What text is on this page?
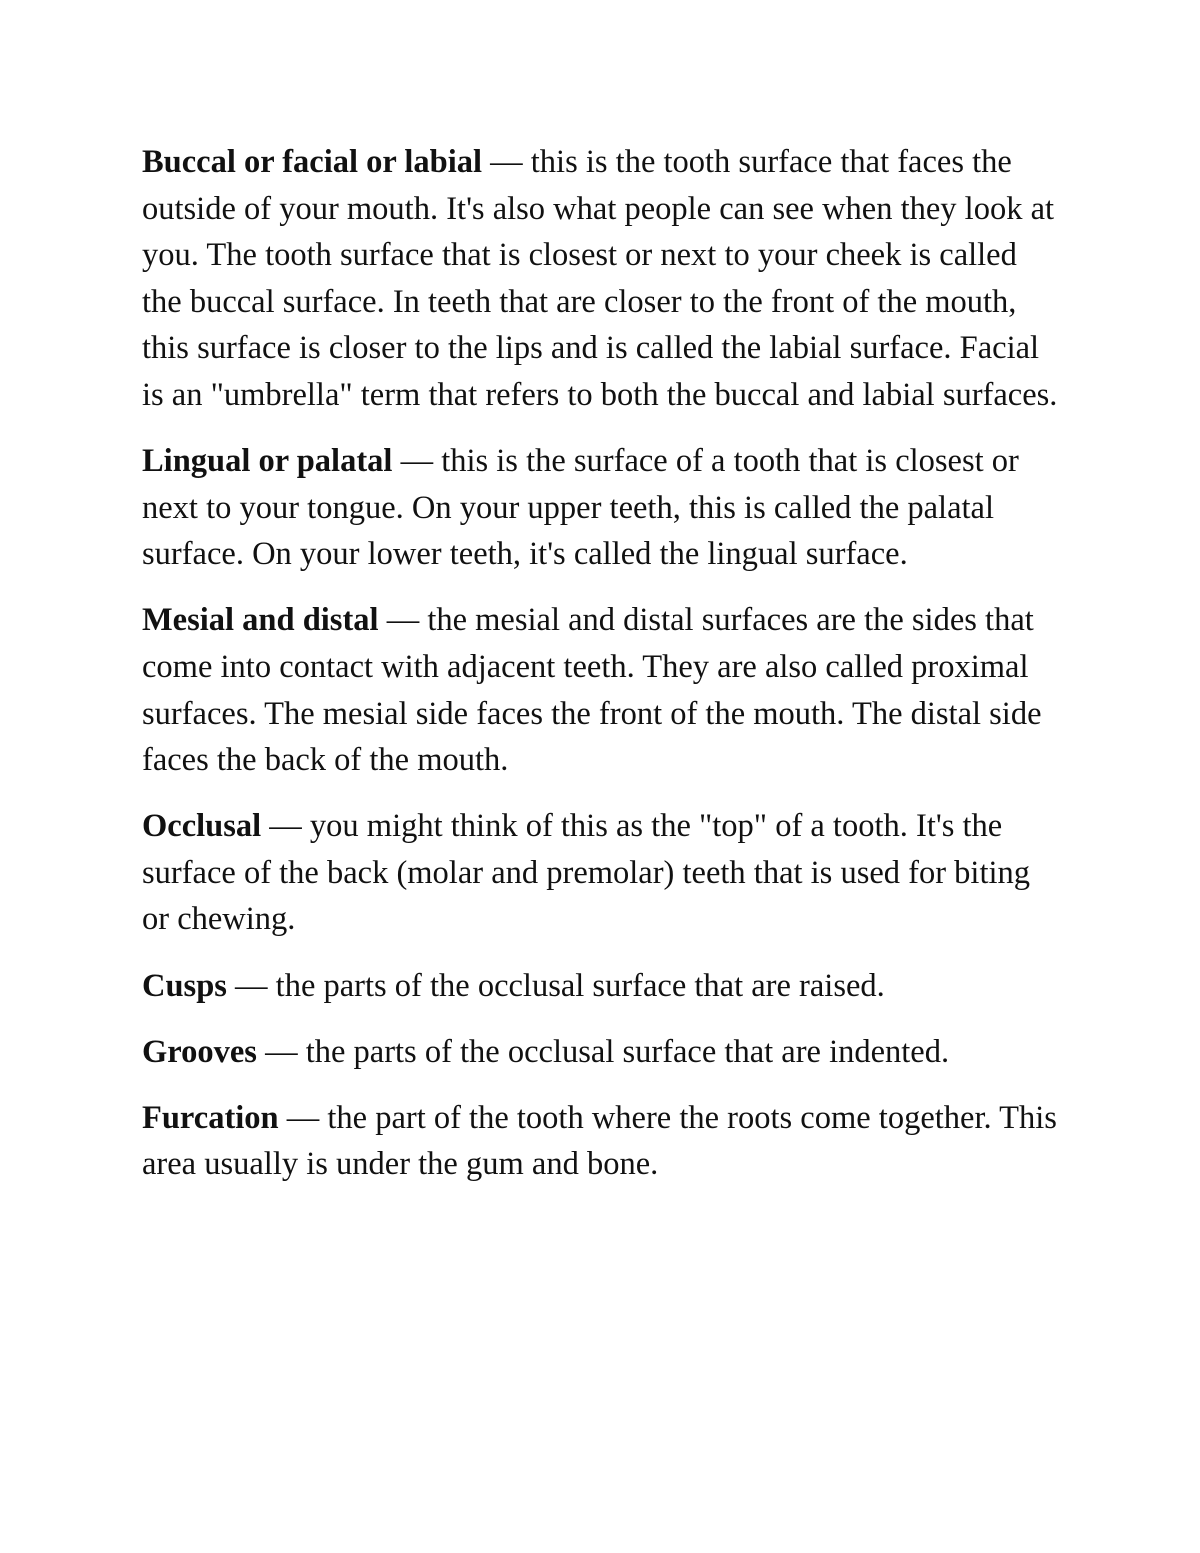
Buccal or facial or labial — this is the tooth surface that faces the outside of your mouth. It's also what people can see when they look at you. The tooth surface that is closest or next to your cheek is called the buccal surface. In teeth that are closer to the front of the mouth, this surface is closer to the lips and is called the labial surface. Facial is an "umbrella" term that refers to both the buccal and labial surfaces.

Lingual or palatal — this is the surface of a tooth that is closest or next to your tongue. On your upper teeth, this is called the palatal surface. On your lower teeth, it's called the lingual surface.

Mesial and distal — the mesial and distal surfaces are the sides that come into contact with adjacent teeth. They are also called proximal surfaces. The mesial side faces the front of the mouth. The distal side faces the back of the mouth.

Occlusal — you might think of this as the "top" of a tooth. It's the surface of the back (molar and premolar) teeth that is used for biting or chewing.

Cusps — the parts of the occlusal surface that are raised.

Grooves — the parts of the occlusal surface that are indented.

Furcation — the part of the tooth where the roots come together. This area usually is under the gum and bone.
